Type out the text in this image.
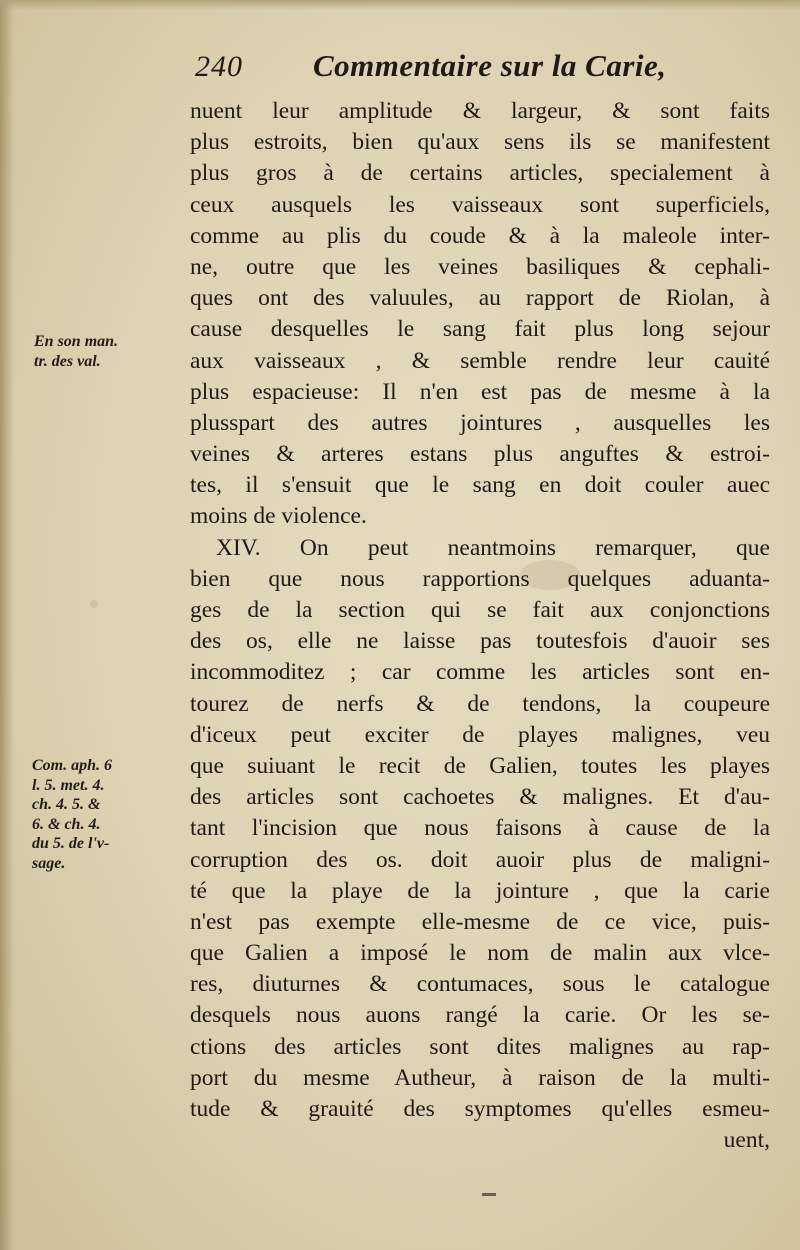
240 Commentaire sur la Carie,
En son man.
tr. des val.
Com. aph. 6
l. 5. met. 4.
ch. 4. 5. &
6. & ch. 4.
du 5. de l'v-
sage.
nuent leur amplitude & largeur, & sont faits
plus estroits, bien qu'aux sens ils se manifestent
plus gros à de certains articles, specialement à
ceux ausquels les vaisseaux sont superficiels,
comme au plis du coude & à la maleole inter-
ne, outre que les veines basiliques & cephali-
ques ont des valuules, au rapport de Riolan, à
cause desquelles le sang fait plus long sejour
aux vaisseaux , & semble rendre leur cauité
plus espacieuse: Il n'en est pas de mesme à la
plusspart des autres jointures , ausquelles les
veines & arteres estans plus anguftes & estroi-
tes, il s'ensuit que le sang en doit couler auec
moins de violence.
XIV. On peut neantmoins remarquer, que
bien que nous rapportions quelques aduanta-
ges de la section qui se fait aux conjonctions
des os, elle ne laisse pas toutesfois d'auoir ses
incommoditez ; car comme les articles sont en-
tourez de nerfs & de tendons, la coupeure
d'iceux peut exciter de playes malignes, veu
que suiuant le recit de Galien, toutes les playes
des articles sont cachoetes & malignes. Et d'au-
tant l'incision que nous faisons à cause de la
corruption des os. doit auoir plus de maligni-
té que la playe de la jointure , que la carie
n'est pas exempte elle-mesme de ce vice, puis-
que Galien a imposé le nom de malin aux vlce-
res, diuturnes & contumaces, sous le catalogue
desquels nous auons rangé la carie. Or les se-
ctions des articles sont dites malignes au rap-
port du mesme Autheur, à raison de la multi-
tude & grauité des symptomes qu'elles esmeu-
uent,
